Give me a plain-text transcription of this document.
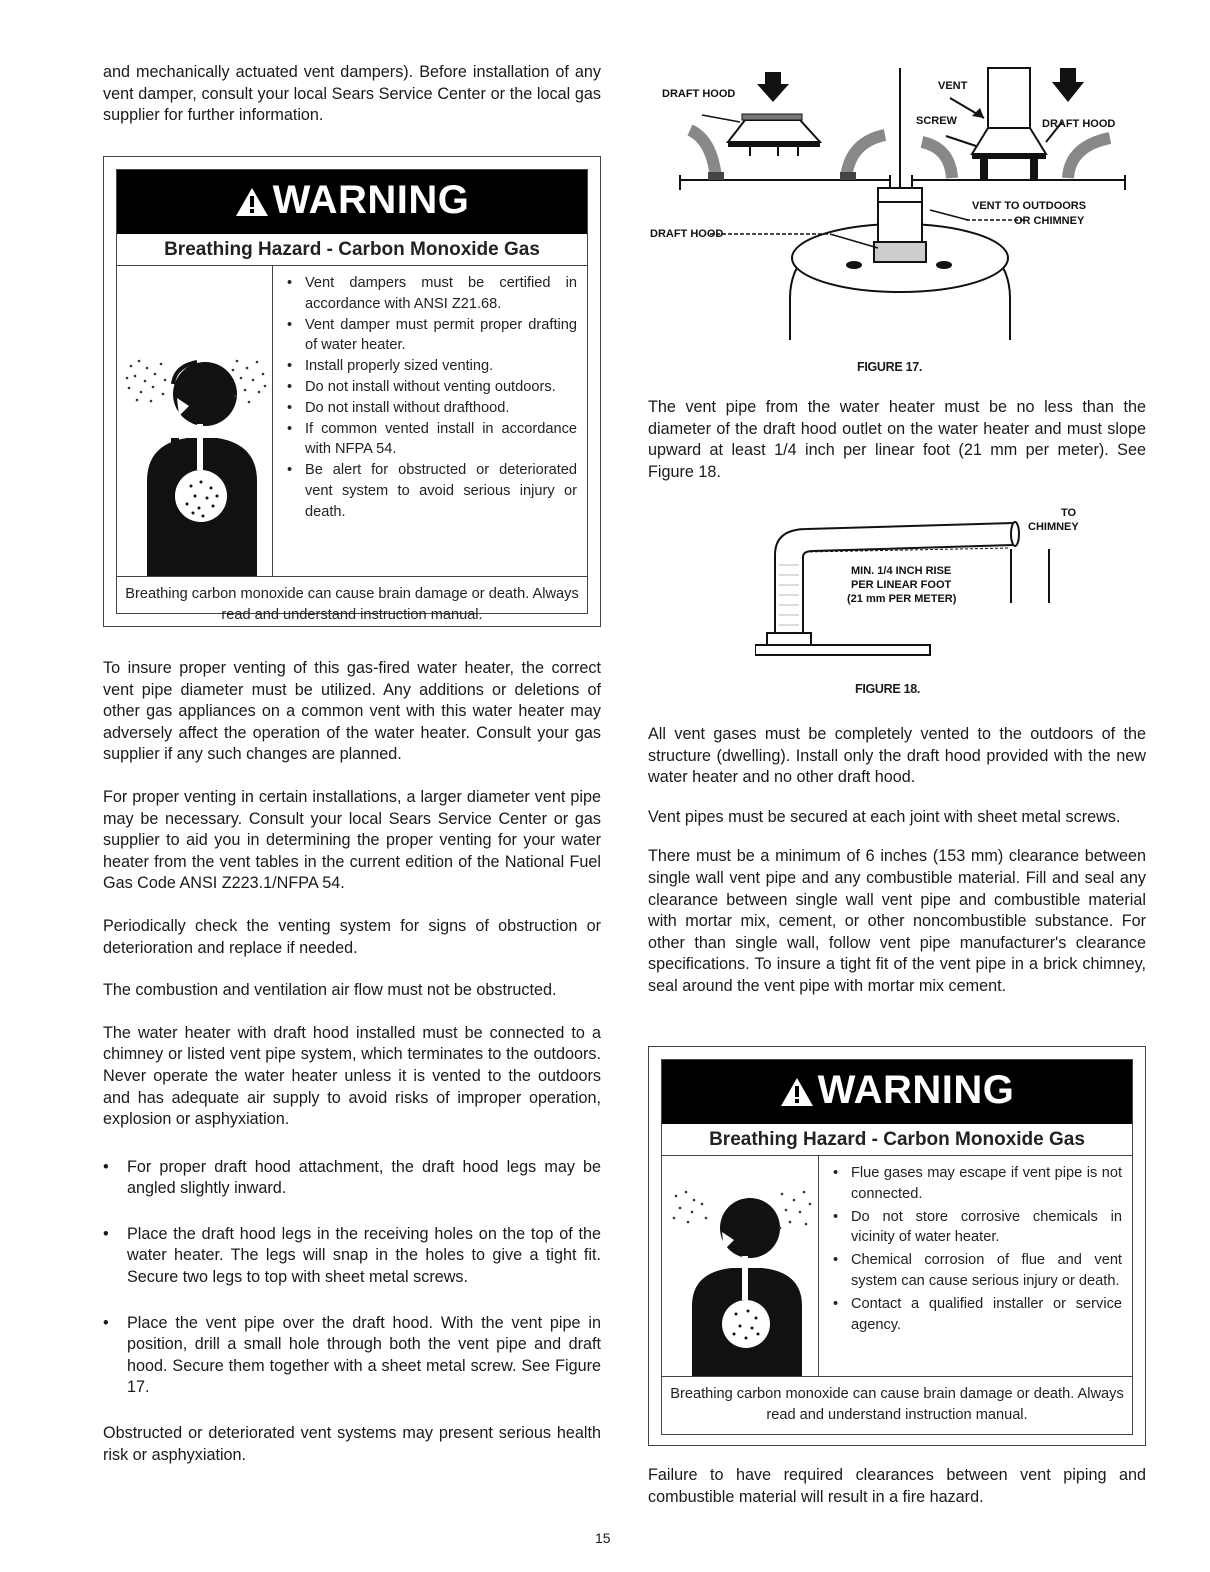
and mechanically actuated vent dampers). Before installation of any vent damper, consult your local Sears Service Center or the local gas supplier for further information.

WARNING
Breathing Hazard - Carbon Monoxide Gas
• Vent dampers must be certified in accordance with ANSI Z21.68.
• Vent damper must permit proper drafting of water heater.
• Install properly sized venting.
• Do not install without venting outdoors.
• Do not install without drafthood.
• If common vented install in accordance with NFPA 54.
• Be alert for obstructed or deteriorated vent system to avoid serious injury or death.
Breathing carbon monoxide can cause brain damage or death. Always read and understand instruction manual.

To insure proper venting of this gas-fired water heater, the correct vent pipe diameter must be utilized. Any additions or deletions of other gas appliances on a common vent with this water heater may adversely affect the operation of the water heater. Consult your gas supplier if any such changes are planned.

For proper venting in certain installations, a larger diameter vent pipe may be necessary. Consult your local Sears Service Center or gas supplier to aid you in determining the proper venting for your water heater from the vent tables in the current edition of the National Fuel Gas Code ANSI Z223.1/NFPA 54.

Periodically check the venting system for signs of obstruction or deterioration and replace if needed.

The combustion and ventilation air flow must not be obstructed.

The water heater with draft hood installed must be connected to a chimney or listed vent pipe system, which terminates to the outdoors. Never operate the water heater unless it is vented to the outdoors and has adequate air supply to avoid risks of improper operation, explosion or asphyxiation.

• For proper draft hood attachment, the draft hood legs may be angled slightly inward.
• Place the draft hood legs in the receiving holes on the top of the water heater. The legs will snap in the holes to give a tight fit. Secure two legs to top with sheet metal screws.
• Place the vent pipe over the draft hood. With the vent pipe in position, drill a small hole through both the vent pipe and draft hood. Secure them together with a sheet metal screw. See Figure 17.

Obstructed or deteriorated vent systems may present serious health risk or asphyxiation.

DRAFT HOOD
VENT
SCREW	DRAFT HOOD
VENT TO OUTDOORS
OR CHIMNEY
DRAFT HOOD
FIGURE 17.

The vent pipe from the water heater must be no less than the diameter of the draft hood outlet on the water heater and must slope upward at least 1/4 inch per linear foot (21 mm per meter). See Figure 18.

TO
CHIMNEY
MIN. 1/4 INCH RISE
PER LINEAR FOOT
(21 mm PER METER)
FIGURE 18.

All vent gases must be completely vented to the outdoors of the structure (dwelling). Install only the draft hood provided with the new water heater and no other draft hood.

Vent pipes must be secured at each joint with sheet metal screws.

There must be a minimum of 6 inches (153 mm) clearance between single wall vent pipe and any combustible material. Fill and seal any clearance between single wall vent pipe and combustible material with mortar mix, cement, or other noncombustible substance. For other than single wall, follow vent pipe manufacturer's clearance specifications. To insure a tight fit of the vent pipe in a brick chimney, seal around the vent pipe with mortar mix cement.

WARNING
Breathing Hazard - Carbon Monoxide Gas
• Flue gases may escape if vent pipe is not connected.
• Do not store corrosive chemicals in vicinity of water heater.
• Chemical corrosion of flue and vent system can cause serious injury or death.
• Contact a qualified installer or service agency.
Breathing carbon monoxide can cause brain damage or death. Always read and understand instruction manual.

Failure to have required clearances between vent piping and combustible material will result in a fire hazard.

15
